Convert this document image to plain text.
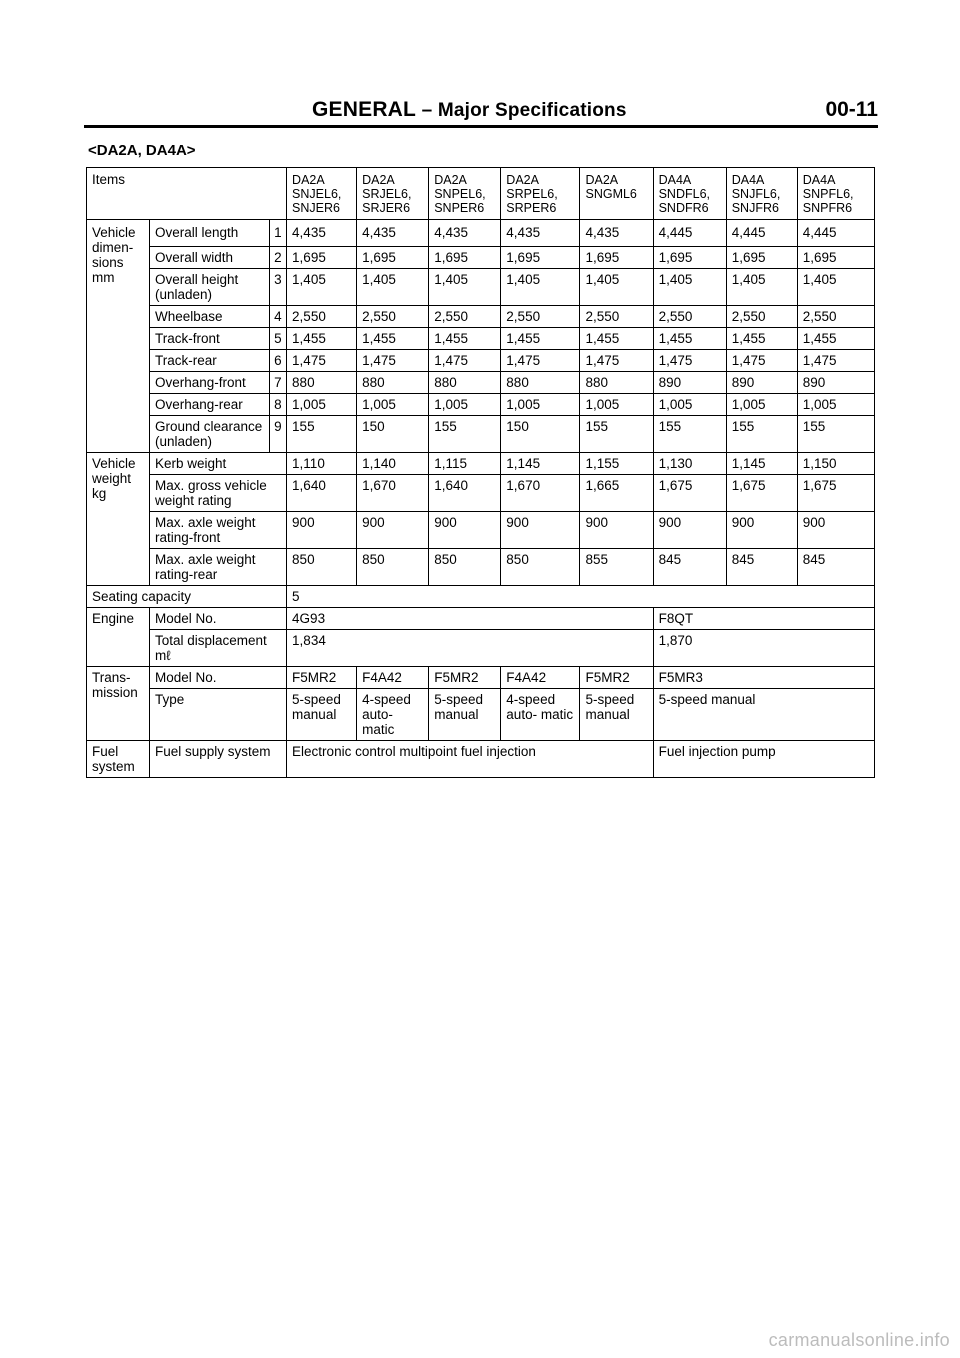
GENERAL – Major Specifications	00-11
<DA2A, DA4A>
Items			DA2A SNJEL6, SNJER6	DA2A SRJEL6, SRJER6	DA2A SNPEL6, SNPER6	DA2A SRPEL6, SRPER6	DA2A SNGML6	DA4A SNDFL6, SNDFR6	DA4A SNJFL6, SNJFR6	DA4A SNPFL6, SNPFR6
Vehicle dimen- sions mm	Overall length	1	4,435	4,435	4,435	4,435	4,435	4,445	4,445	4,445
	Overall width	2	1,695	1,695	1,695	1,695	1,695	1,695	1,695	1,695
	Overall height (unladen)	3	1,405	1,405	1,405	1,405	1,405	1,405	1,405	1,405
	Wheelbase	4	2,550	2,550	2,550	2,550	2,550	2,550	2,550	2,550
	Track-front	5	1,455	1,455	1,455	1,455	1,455	1,455	1,455	1,455
	Track-rear	6	1,475	1,475	1,475	1,475	1,475	1,475	1,475	1,475
	Overhang-front	7	880	880	880	880	880	890	890	890
	Overhang-rear	8	1,005	1,005	1,005	1,005	1,005	1,005	1,005	1,005
	Ground clearance (unladen)	9	155	150	155	150	155	155	155	155
Vehicle weight kg	Kerb weight		1,110	1,140	1,115	1,145	1,155	1,130	1,145	1,150
	Max. gross vehicle weight rating		1,640	1,670	1,640	1,670	1,665	1,675	1,675	1,675
	Max. axle weight rating-front		900	900	900	900	900	900	900	900
	Max. axle weight rating-rear		850	850	850	850	855	845	845	845
Seating capacity			5							
Engine	Model No.		4G93					F8QT		
	Total displacement mℓ		1,834					1,870		
Trans- mission	Model No.		F5MR2	F4A42	F5MR2	F4A42	F5MR2	F5MR3		
	Type		5-speed manual	4-speed auto- matic	5-speed manual	4-speed auto- matic	5-speed manual	5-speed manual		
Fuel system	Fuel supply system		Electronic control multipoint fuel injection					Fuel injection pump		
carmanualsonline.info
